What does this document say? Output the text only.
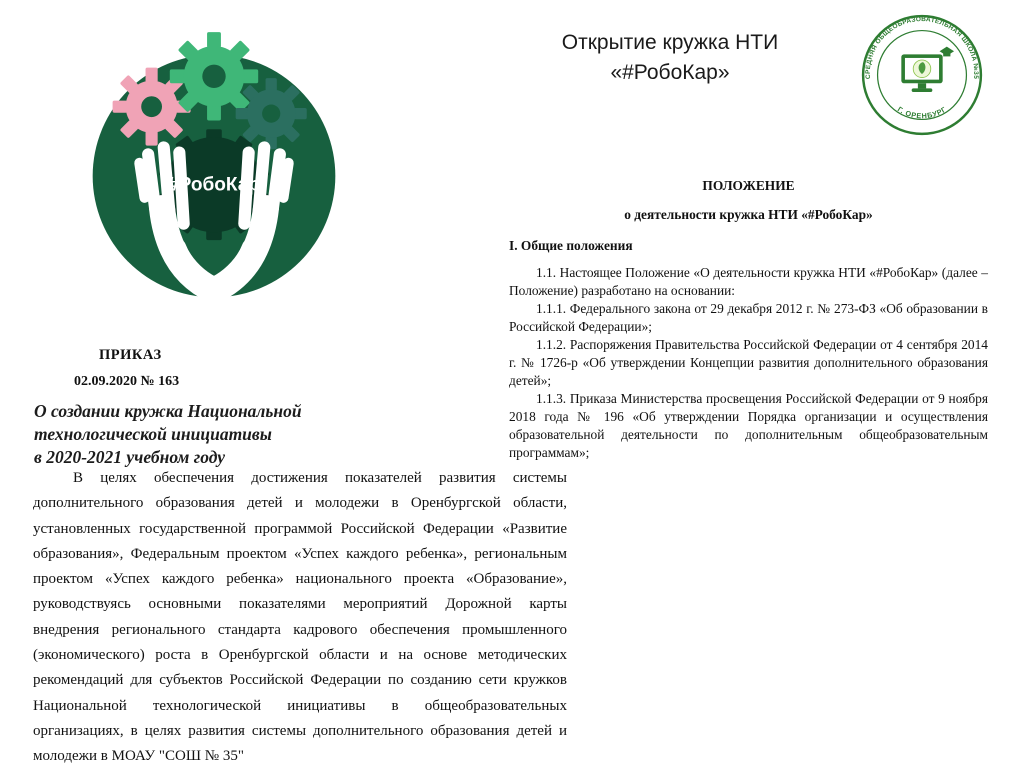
Открытие кружка НТИ
«#РобоКар»	СРЕДНЯЯ ОБЩЕОБРАЗОВАТЕЛЬНАЯ ШКОЛА №35
Г. ОРЕНБУРГ
#РобоКар
ПРИКАЗ
02.09.2020 № 163
О создании кружка Национальной
технологической инициативы
в 2020-2021 учебном году
В целях обеспечения достижения показателей развития системы дополнительного образования детей и молодежи в Оренбургской области, установленных государственной программой Российской Федерации «Развитие образования», Федеральным проектом «Успех каждого ребенка», региональным проектом «Успех каждого ребенка» национального проекта «Образование», руководствуясь основными показателями мероприятий Дорожной карты внедрения регионального стандарта кадрового обеспечения промышленного (экономического) роста в Оренбургской области и на основе методических рекомендаций для субъектов Российской Федерации по созданию сети кружков Национальной технологической инициативы в общеобразовательных организациях, в целях развития системы дополнительного образования детей и молодежи в МОАУ "СОШ № 35"
ПОЛОЖЕНИЕ
о деятельности кружка НТИ «#РобоКар»
I. Общие положения

1.1. Настоящее Положение «О деятельности кружка НТИ «#РобоКар» (далее – Положение) разработано на основании:

1.1.1. Федерального закона от 29 декабря 2012 г. № 273-ФЗ «Об образовании в Российской Федерации»;

1.1.2. Распоряжения Правительства Российской Федерации от 4 сентября 2014 г. № 1726-р «Об утверждении Концепции развития дополнительного образования детей»;

1.1.3. Приказа Министерства просвещения Российской Федерации от 9 ноября 2018 года № 196 «Об утверждении Порядка организации и осуществления образовательной деятельности по дополнительным общеобразовательным программам»;
